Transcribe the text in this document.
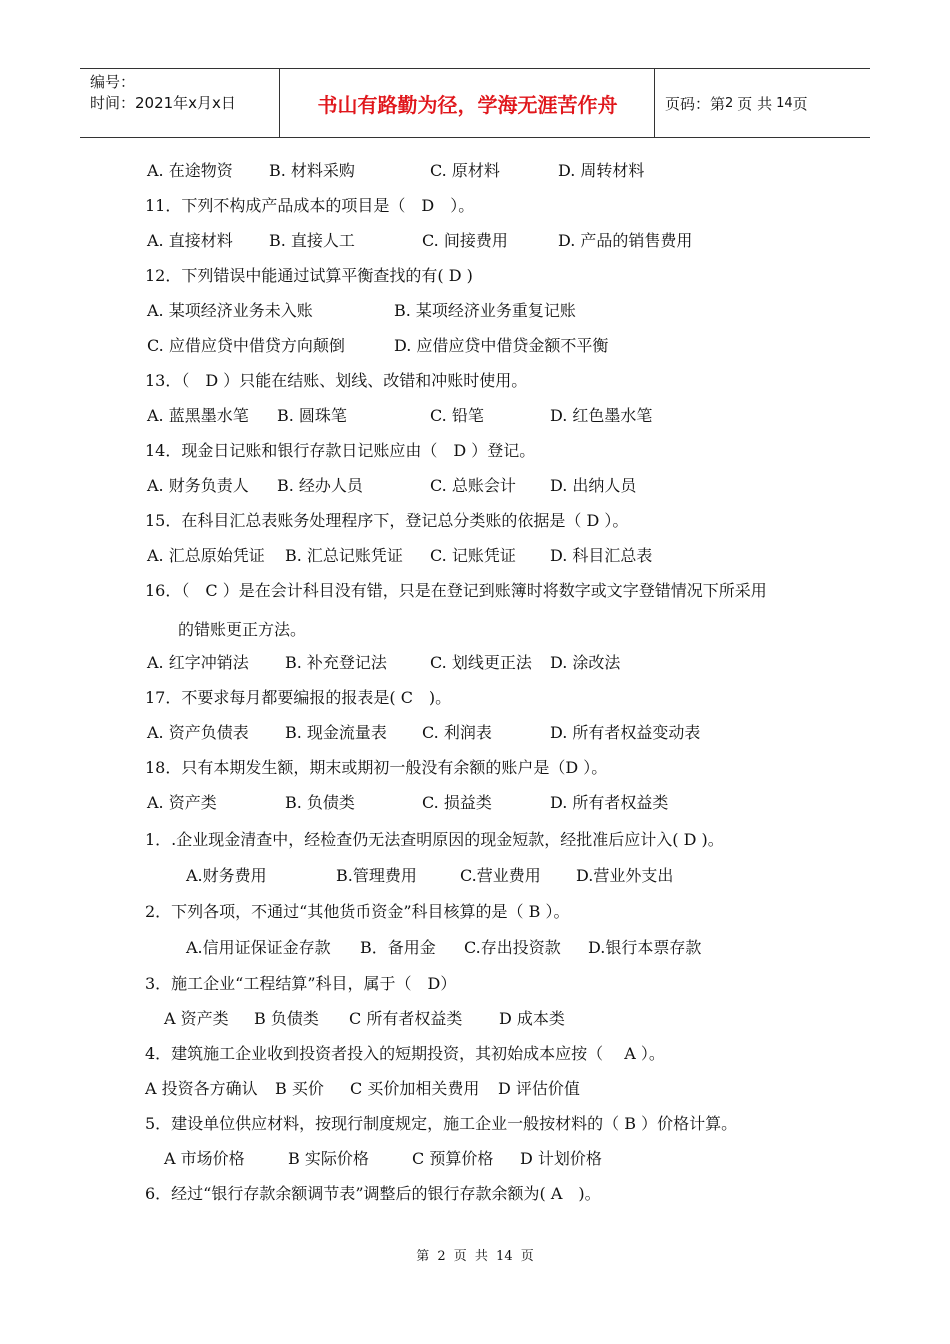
编号：
时间：2021年x月x日	书山有路勤为径，学海无涯苦作舟	页码：第 2 页 共 14 页

A. 在途物资

B. 材料采购

	C. 原材料

	D. 周转材料

11．下列不构成产品成本的项目是（　D　）。

A. 直接材料

B. 直接人工

	C. 间接费用

	D. 产品的销售费用

12．下列错误中能通过试算平衡查找的有( D )

A. 某项经济业务未入账

	B. 某项经济业务重复记账

C. 应借应贷中借贷方向颠倒

	D. 应借应贷中借贷金额不平衡

13．（　D ）只能在结账、划线、改错和冲账时使用。

A. 蓝黑墨水笔

B. 圆珠笔

	C. 铅笔

	D. 红色墨水笔

14．现金日记账和银行存款日记账应由（　D ）登记。

A. 财务负责人

B. 经办人员

	C. 总账会计

D. 出纳人员

15．在科目汇总表账务处理程序下，登记总分类账的依据是（ D ）。

A. 汇总原始凭证

B. 汇总记账凭证

C. 记账凭证

D. 科目汇总表

16．（　C ）是在会计科目没有错，只是在登记到账簿时将数字或文字登错情况下所采用
的错账更正方法。

A. 红字冲销法

B. 补充登记法

	C. 划线更正法

D. 涂改法

17．不要求每月都要编报的报表是( C　)。

A. 资产负债表

B. 现金流量表

C. 利润表

	D. 所有者权益变动表

18．只有本期发生额，期末或期初一般没有余额的账户是（D ）。

A. 资产类

	B. 负债类

	C. 损益类

	D. 所有者权益类

1．.企业现金清查中，经检查仍无法查明原因的现金短款，经批准后应计入( D )。

A.财务费用

	B.管理费用

	C.营业费用

D.营业外支出

2．下列各项，不通过“其他货币资金”科目核算的是（ B ）。

A.信用证保证金存款

B．备用金

C.存出投资款

D.银行本票存款

3．施工企业“工程结算”科目，属于（　D）

A 资产类

B 负债类

C 所有者权益类

D 成本类

4．建筑施工企业收到投资者投入的短期投资，其初始成本应按（　 A ）。

A 投资各方确认

B 买价

C 买价加相关费用

D 评估价值

5．建设单位供应材料，按现行制度规定，施工企业一般按材料的（ B ）价格计算。

A 市场价格

	B 实际价格

	C 预算价格

D 计划价格

6．经过“银行存款余额调节表”调整后的银行存款余额为( A　)。
第 2 页 共 14 页
